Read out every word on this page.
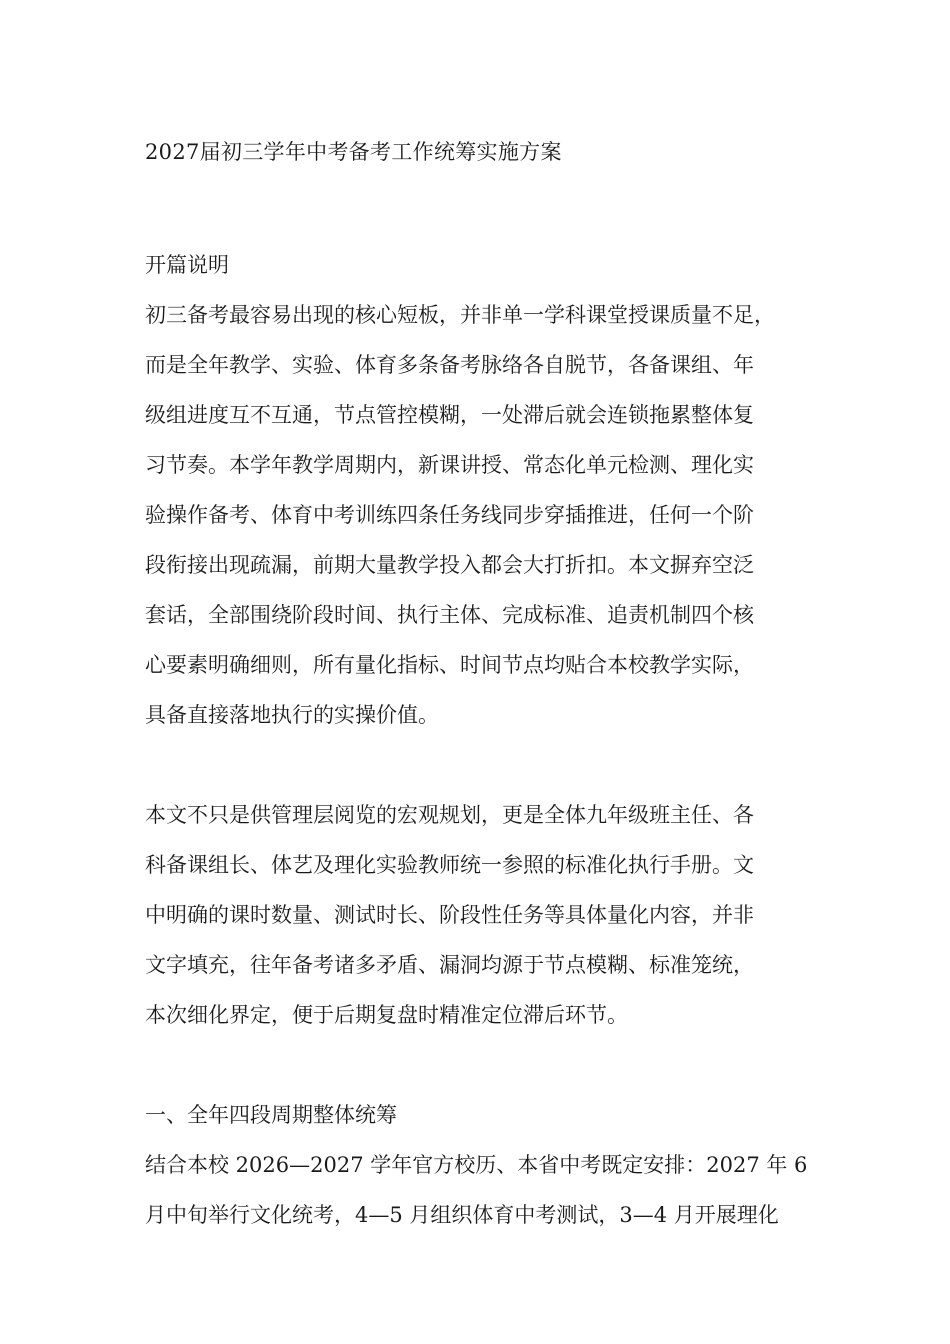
2027届初三学年中考备考工作统筹实施方案
开篇说明

初三备考最容易出现的核心短板，并非单一学科课堂授课质量不足，
而是全年教学、实验、体育多条备考脉络各自脱节，各备课组、年
级组进度互不互通，节点管控模糊，一处滞后就会连锁拖累整体复
习节奏。本学年教学周期内，新课讲授、常态化单元检测、理化实
验操作备考、体育中考训练四条任务线同步穿插推进，任何一个阶
段衔接出现疏漏，前期大量教学投入都会大打折扣。本文摒弃空泛
套话，全部围绕阶段时间、执行主体、完成标准、追责机制四个核
心要素明确细则，所有量化指标、时间节点均贴合本校教学实际，
具备直接落地执行的实操价值。

本文不只是供管理层阅览的宏观规划，更是全体九年级班主任、各
科备课组长、体艺及理化实验教师统一参照的标准化执行手册。文
中明确的课时数量、测试时长、阶段性任务等具体量化内容，并非
文字填充，往年备考诸多矛盾、漏洞均源于节点模糊、标准笼统，
本次细化界定，便于后期复盘时精准定位滞后环节。

一、全年四段周期整体统筹

结合本校 2026—2027 学年官方校历、本省中考既定安排：2027 年 6
月中旬举行文化统考，4—5 月组织体育中考测试，3—4 月开展理化
